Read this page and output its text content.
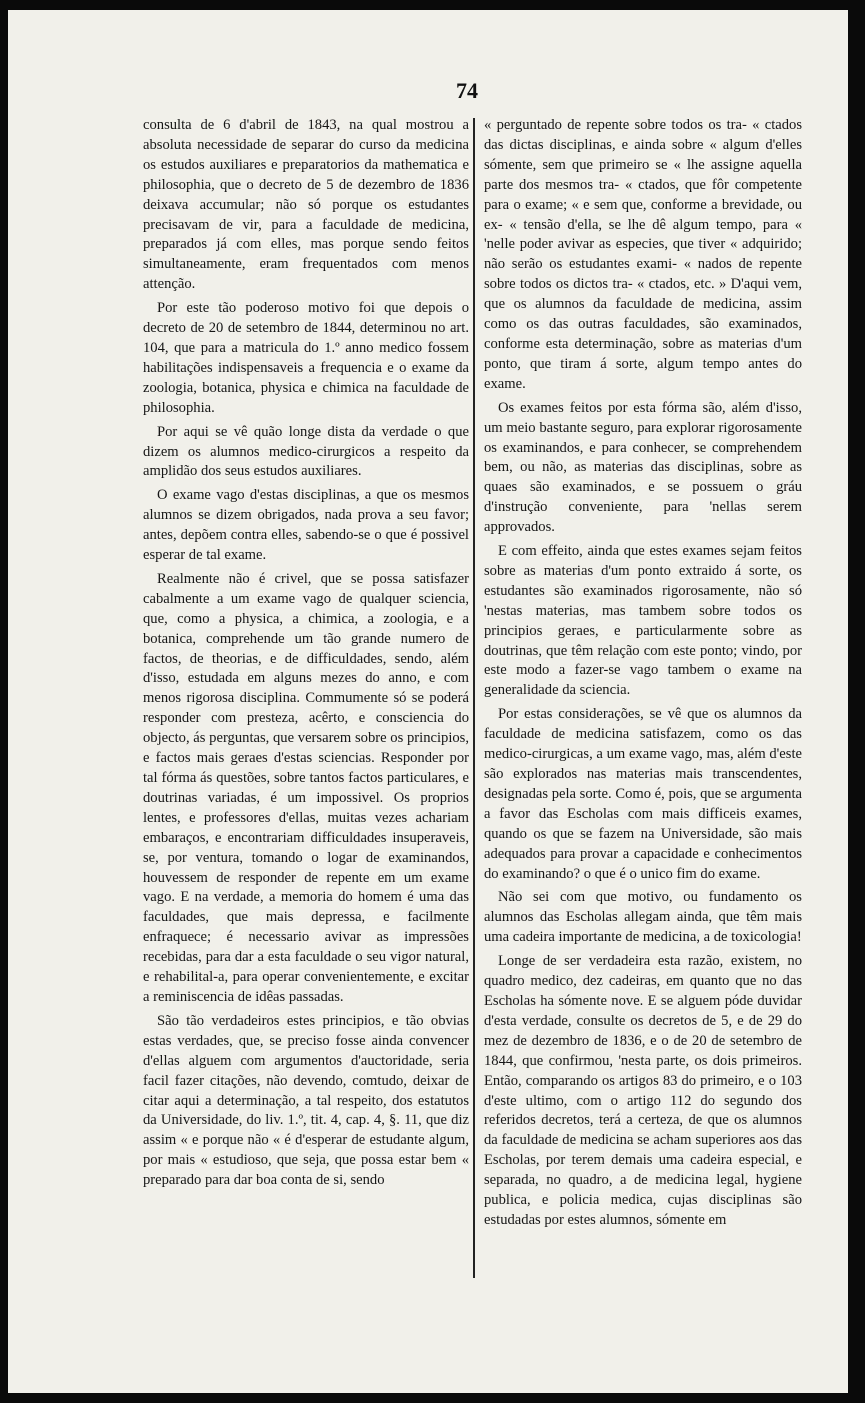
74

consulta de 6 d'abril de 1843, na qual mostrou a absoluta necessidade de separar do curso da medicina os estudos auxiliares e preparatorios da mathematica e philosophia, que o decreto de 5 de dezembro de 1836 deixava accumular; não só porque os estudantes precisavam de vir, para a faculdade de medicina, preparados já com elles, mas porque sendo feitos simultaneamente, eram frequentados com menos attenção.

Por este tão poderoso motivo foi que depois o decreto de 20 de setembro de 1844, determinou no art. 104, que para a matricula do 1.º anno medico fossem habilitações indispensaveis a frequencia e o exame da zoologia, botanica, physica e chimica na faculdade de philosophia.

Por aqui se vê quão longe dista da verdade o que dizem os alumnos medico-cirurgicos a respeito da amplidão dos seus estudos auxiliares.

O exame vago d'estas disciplinas, a que os mesmos alumnos se dizem obrigados, nada prova a seu favor; antes, depõem contra elles, sabendo-se o que é possivel esperar de tal exame.

Realmente não é crivel, que se possa satisfazer cabalmente a um exame vago de qualquer sciencia, que, como a physica, a chimica, a zoologia, e a botanica, comprehende um tão grande numero de factos, de theorias, e de difficuldades, sendo, além d'isso, estudada em alguns mezes do anno, e com menos rigorosa disciplina. Commumente só se poderá responder com presteza, acêrto, e consciencia do objecto, ás perguntas, que versarem sobre os principios, e factos mais geraes d'estas sciencias. Responder por tal fórma ás questões, sobre tantos factos particulares, e doutrinas variadas, é um impossivel. Os proprios lentes, e professores d'ellas, muitas vezes achariam embaraços, e encontrariam difficuldades insuperaveis, se, por ventura, tomando o logar de examinandos, houvessem de responder de repente em um exame vago. E na verdade, a memoria do homem é uma das faculdades, que mais depressa, e facilmente enfraquece; é necessario avivar as impressões recebidas, para dar a esta faculdade o seu vigor natural, e rehabilital-a, para operar convenientemente, e excitar a reminiscencia de idêas passadas.

São tão verdadeiros estes principios, e tão obvias estas verdades, que, se preciso fosse ainda convencer d'ellas alguem com argumentos d'auctoridade, seria facil fazer citações, não devendo, comtudo, deixar de citar aqui a determinação, a tal respeito, dos estatutos da Universidade, do liv. 1.º, tit. 4, cap. 4, §. 11, que diz assim « e porque não « é d'esperar de estudante algum, por mais « estudioso, que seja, que possa estar bem « preparado para dar boa conta de si, sendo

« perguntado de repente sobre todos os tra- « ctados das dictas disciplinas, e ainda sobre « algum d'elles sómente, sem que primeiro se « lhe assigne aquella parte dos mesmos tra- « ctados, que fôr competente para o exame; « e sem que, conforme a brevidade, ou ex- « tensão d'ella, se lhe dê algum tempo, para « 'nelle poder avivar as especies, que tiver « adquirido; não serão os estudantes exami- « nados de repente sobre todos os dictos tra- « ctados, etc. » D'aqui vem, que os alumnos da faculdade de medicina, assim como os das outras faculdades, são examinados, conforme esta determinação, sobre as materias d'um ponto, que tiram á sorte, algum tempo antes do exame.

Os exames feitos por esta fórma são, além d'isso, um meio bastante seguro, para explorar rigorosamente os examinandos, e para conhecer, se comprehendem bem, ou não, as materias das disciplinas, sobre as quaes são examinados, e se possuem o gráu d'instrução conveniente, para 'nellas serem approvados.

E com effeito, ainda que estes exames sejam feitos sobre as materias d'um ponto extraido á sorte, os estudantes são examinados rigorosamente, não só 'nestas materias, mas tambem sobre todos os principios geraes, e particularmente sobre as doutrinas, que têm relação com este ponto; vindo, por este modo a fazer-se vago tambem o exame na generalidade da sciencia.

Por estas considerações, se vê que os alumnos da faculdade de medicina satisfazem, como os das medico-cirurgicas, a um exame vago, mas, além d'este são explorados nas materias mais transcendentes, designadas pela sorte. Como é, pois, que se argumenta a favor das Escholas com mais difficeis exames, quando os que se fazem na Universidade, são mais adequados para provar a capacidade e conhecimentos do examinando? o que é o unico fim do exame.

Não sei com que motivo, ou fundamento os alumnos das Escholas allegam ainda, que têm mais uma cadeira importante de medicina, a de toxicologia!

Longe de ser verdadeira esta razão, existem, no quadro medico, dez cadeiras, em quanto que no das Escholas ha sómente nove. E se alguem póde duvidar d'esta verdade, consulte os decretos de 5, e de 29 do mez de dezembro de 1836, e o de 20 de setembro de 1844, que confirmou, 'nesta parte, os dois primeiros. Então, comparando os artigos 83 do primeiro, e o 103 d'este ultimo, com o artigo 112 do segundo dos referidos decretos, terá a certeza, de que os alumnos da faculdade de medicina se acham superiores aos das Escholas, por terem demais uma cadeira especial, e separada, no quadro, a de medicina legal, hygiene publica, e policia medica, cujas disciplinas são estudadas por estes alumnos, sómente em
